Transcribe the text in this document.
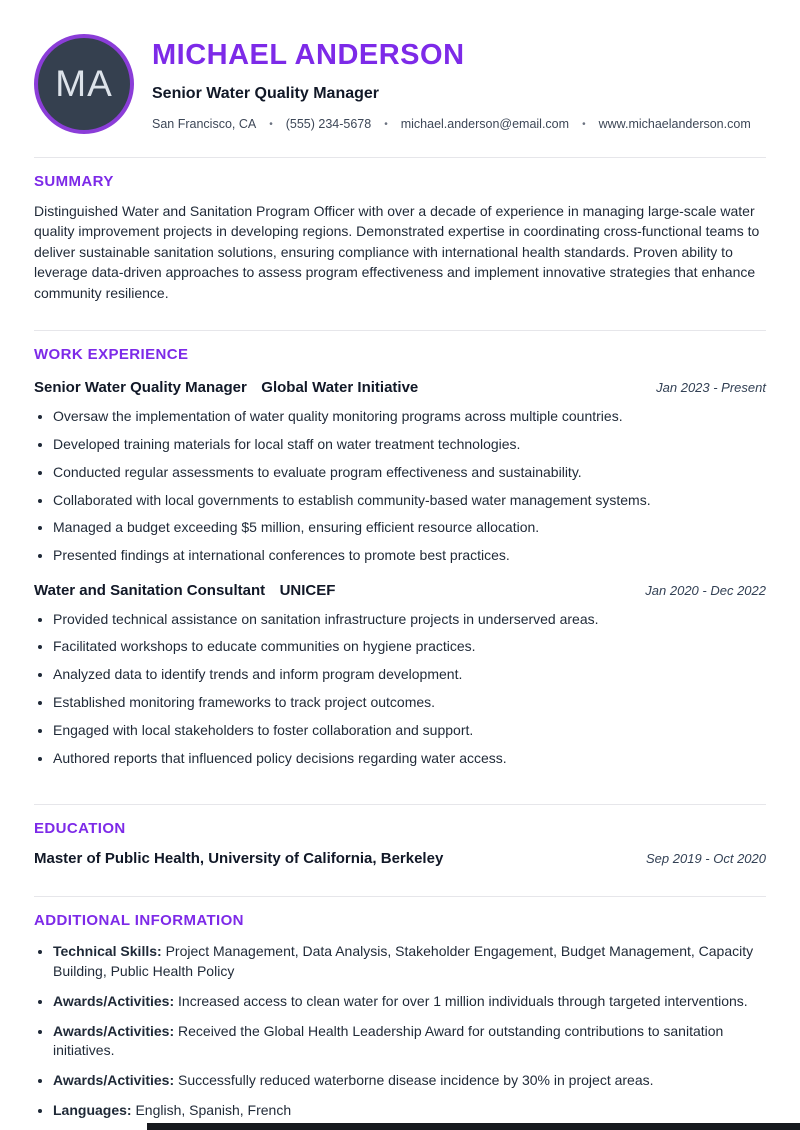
MA
MICHAEL ANDERSON
Senior Water Quality Manager
San Francisco, CA • (555) 234-5678 • michael.anderson@email.com • www.michaelanderson.com
SUMMARY

Distinguished Water and Sanitation Program Officer with over a decade of experience in managing large-scale water quality improvement projects in developing regions. Demonstrated expertise in coordinating cross-functional teams to deliver sustainable sanitation solutions, ensuring compliance with international health standards. Proven ability to leverage data-driven approaches to assess program effectiveness and implement innovative strategies that enhance community resilience.

WORK EXPERIENCE
Senior Water Quality Manager Global Water Initiative	Jan 2023 - Present
• Oversaw the implementation of water quality monitoring programs across multiple countries.
• Developed training materials for local staff on water treatment technologies.
• Conducted regular assessments to evaluate program effectiveness and sustainability.
• Collaborated with local governments to establish community-based water management systems.
• Managed a budget exceeding $5 million, ensuring efficient resource allocation.
• Presented findings at international conferences to promote best practices.
Water and Sanitation Consultant UNICEF	Jan 2020 - Dec 2022
• Provided technical assistance on sanitation infrastructure projects in underserved areas.
• Facilitated workshops to educate communities on hygiene practices.
• Analyzed data to identify trends and inform program development.
• Established monitoring frameworks to track project outcomes.
• Engaged with local stakeholders to foster collaboration and support.
• Authored reports that influenced policy decisions regarding water access.
EDUCATION
Master of Public Health, University of California, Berkeley	Sep 2019 - Oct 2020
ADDITIONAL INFORMATION
• Technical Skills: Project Management, Data Analysis, Stakeholder Engagement, Budget Management, Capacity Building, Public Health Policy
• Awards/Activities: Increased access to clean water for over 1 million individuals through targeted interventions.
• Awards/Activities: Received the Global Health Leadership Award for outstanding contributions to sanitation initiatives.
• Awards/Activities: Successfully reduced waterborne disease incidence by 30% in project areas.
• Languages: English, Spanish, French
